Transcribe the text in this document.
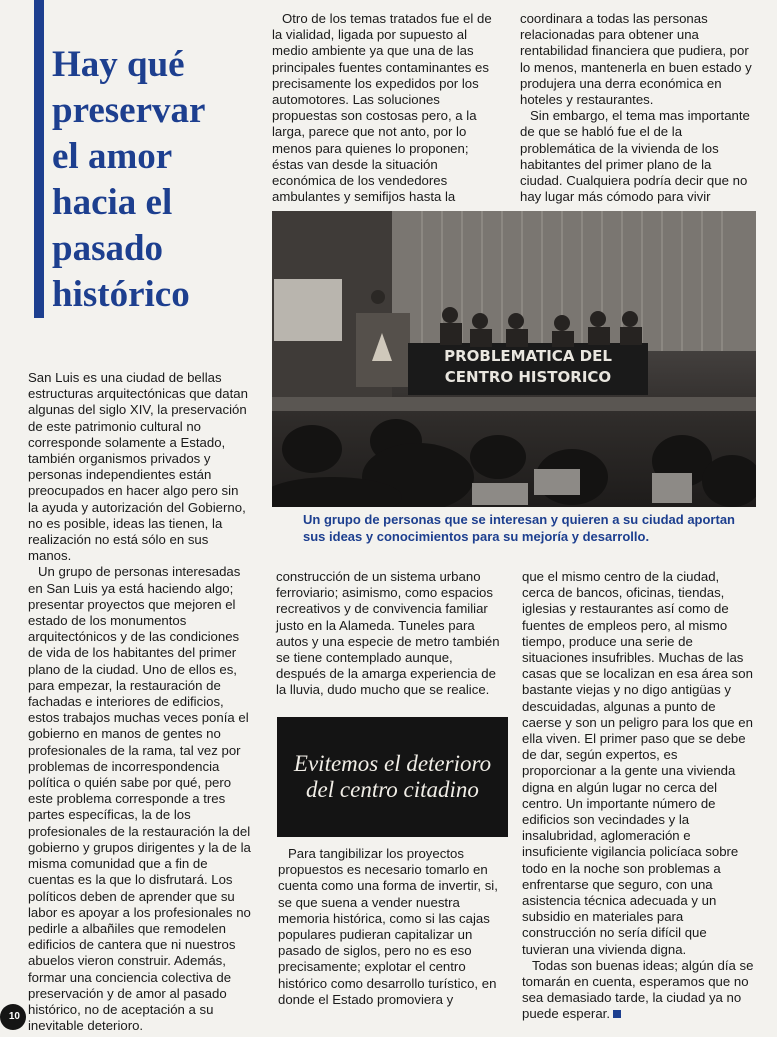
Hay qué
preservar
el amor
hacia el
pasado
histórico

Otro de los temas tratados fue el de la vialidad, ligada por supuesto al medio ambiente ya que una de las principales fuentes contaminantes es precisamente los expedidos por los automotores. Las soluciones propuestas son costosas pero, a la larga, parece que not anto, por lo menos para quienes lo proponen; éstas van desde la situación económica de los vendedores ambulantes y semifijos hasta la

coordinara a todas las personas relacionadas para obtener una rentabilidad financiera que pudiera, por lo menos, mantenerla en buen estado y produjera una derra económica en hoteles y restaurantes.

Sin embargo, el tema mas importante de que se habló fue el de la problemática de la vivienda de los habitantes del primer plano de la ciudad. Cualquiera podría decir que no hay lugar más cómodo para vivir

PROBLEMATICA DEL
CENTRO HISTORICO

Un grupo de personas que se interesan y quieren a su ciudad aportan sus ideas y conocimientos para su mejoría y desarrollo.

San Luis es una ciudad de bellas estructuras arquitectónicas que datan algunas del siglo XIV, la preservación de este patrimonio cultural no corresponde solamente a Estado, también organismos privados y personas independientes están preocupados en hacer algo pero sin la ayuda y autorización del Gobierno, no es posible, ideas las tienen, la realización no está sólo en sus manos.

Un grupo de personas interesadas en San Luis ya está haciendo algo; presentar proyectos que mejoren el estado de los monumentos arquitectónicos y de las condiciones de vida de los habitantes del primer plano de la ciudad. Uno de ellos es, para empezar, la restauración de fachadas e interiores de edificios, estos trabajos muchas veces ponía el gobierno en manos de gentes no profesionales de la rama, tal vez por problemas de incorrespondencia política o quién sabe por qué, pero este problema corresponde a tres partes específicas, la de los profesionales de la restauración la del gobierno y grupos dirigentes y la de la misma comunidad que a fin de cuentas es la que lo disfrutará. Los políticos deben de aprender que su labor es apoyar a los profesionales no pedirle a albañiles que remodelen edificios de cantera que ni nuestros abuelos vieron construir. Además, formar una conciencia colectiva de preservación y de amor al pasado histórico, no de aceptación a su inevitable deterioro.

construcción de un sistema urbano ferroviario; asimismo, como espacios recreativos y de convivencia familiar justo en la Alameda. Tuneles para autos y una especie de metro también se tiene contemplado aunque, después de la amarga experiencia de la lluvia, dudo mucho que se realice.

Evitemos el deterioro del centro citadino

Para tangibilizar los proyectos propuestos es necesario tomarlo en cuenta como una forma de invertir, si, se que suena a vender nuestra memoria histórica, como si las cajas populares pudieran capitalizar un pasado de siglos, pero no es eso precisamente; explotar el centro histórico como desarrollo turístico, en donde el Estado promoviera y

que el mismo centro de la ciudad, cerca de bancos, oficinas, tiendas, iglesias y restaurantes así como de fuentes de empleos pero, al mismo tiempo, produce una serie de situaciones insufribles. Muchas de las casas que se localizan en esa área son bastante viejas y no digo antigüas y descuidadas, algunas a punto de caerse y son un peligro para los que en ella viven. El primer paso que se debe de dar, según expertos, es proporcionar a la gente una vivienda digna en algún lugar no cerca del centro. Un importante número de edificios son vecindades y la insalubridad, aglomeración e insuficiente vigilancia policíaca sobre todo en la noche son problemas a enfrentarse que seguro, con una asistencia técnica adecuada y un subsidio en materiales para construcción no sería difícil que tuvieran una vivienda digna.

Todas son buenas ideas; algún día se tomarán en cuenta, esperamos que no sea demasiado tarde, la ciudad ya no puede esperar.

10
